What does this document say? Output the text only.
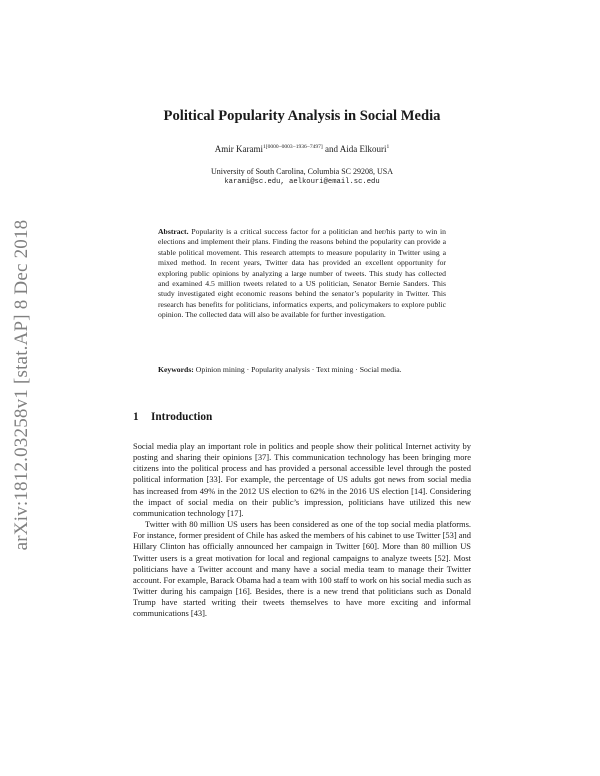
arXiv:1812.03258v1 [stat.AP] 8 Dec 2018
Political Popularity Analysis in Social Media
Amir Karami$^{1[0000-0003-1936-7497]}$ and Aida Elkouri$^1$
University of South Carolina, Columbia SC 29208, USA
karami@sc.edu, aelkouri@email.sc.edu
Abstract. Popularity is a critical success factor for a politician and her/his party to win in elections and implement their plans. Finding the reasons behind the popularity can provide a stable political movement. This research attempts to measure popularity in Twitter using a mixed method. In recent years, Twitter data has provided an excellent opportunity for exploring public opinions by analyzing a large number of tweets. This study has collected and examined 4.5 million tweets related to a US politician, Senator Bernie Sanders. This study investigated eight economic reasons behind the senator’s popularity in Twitter. This research has benefits for politicians, informatics experts, and policymakers to explore public opinion. The collected data will also be available for further investigation.
Keywords: Opinion mining · Popularity analysis · Text mining · Social media.
1 Introduction

Social media play an important role in politics and people show their political Internet activity by posting and sharing their opinions [37]. This communication technology has been bringing more citizens into the political process and has provided a personal accessible level through the posted political information [33]. For example, the percentage of US adults got news from social media has increased from 49% in the 2012 US election to 62% in the 2016 US election [14]. Considering the impact of social media on their public’s impression, politicians have utilized this new communication technology [17].

Twitter with 80 million US users has been considered as one of the top social media platforms. For instance, former president of Chile has asked the members of his cabinet to use Twitter [53] and Hillary Clinton has officially announced her campaign in Twitter [60]. More than 80 million US Twitter users is a great motivation for local and regional campaigns to analyze tweets [52]. Most politicians have a Twitter account and many have a social media team to manage their Twitter account. For example, Barack Obama had a team with 100 staff to work on his social media such as Twitter during his campaign [16]. Besides, there is a new trend that politicians such as Donald Trump have started writing their tweets themselves to have more exciting and informal communications [43].
